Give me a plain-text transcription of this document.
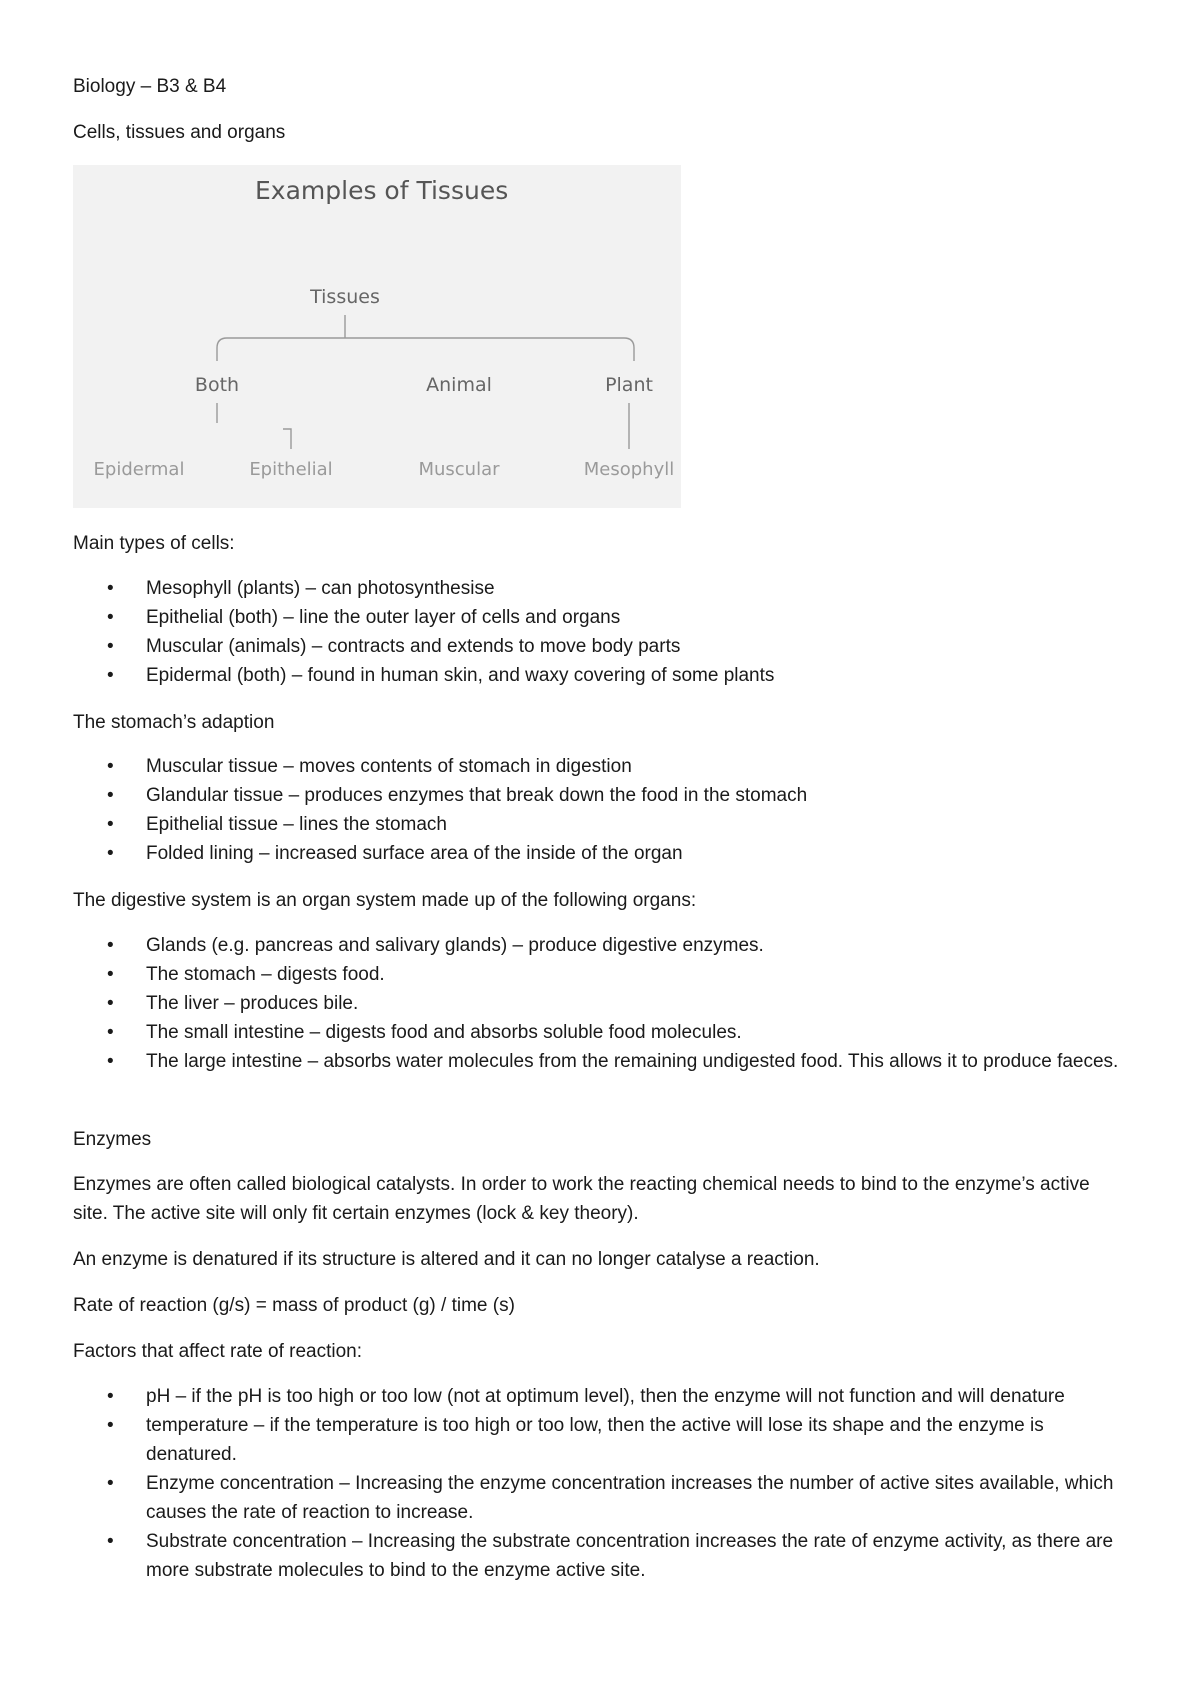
Biology – B3 & B4
Cells, tissues and organs
Examples of Tissues
Tissues
Both	Animal	Plant
Epidermal	Epithelial	Muscular	Mesophyll
Main types of cells:
• Mesophyll (plants) – can photosynthesise
• Epithelial (both) – line the outer layer of cells and organs
• Muscular (animals) – contracts and extends to move body parts
• Epidermal (both) – found in human skin, and waxy covering of some plants
The stomach’s adaption
• Muscular tissue – moves contents of stomach in digestion
• Glandular tissue – produces enzymes that break down the food in the stomach
• Epithelial tissue – lines the stomach
• Folded lining – increased surface area of the inside of the organ
The digestive system is an organ system made up of the following organs:
• Glands (e.g. pancreas and salivary glands) – produce digestive enzymes.
• The stomach – digests food.
• The liver – produces bile.
• The small intestine – digests food and absorbs soluble food molecules.
• The large intestine – absorbs water molecules from the remaining undigested food. This allows it to produce faeces.
Enzymes
Enzymes are often called biological catalysts. In order to work the reacting chemical needs to bind to the enzyme’s active site. The active site will only fit certain enzymes (lock & key theory).
An enzyme is denatured if its structure is altered and it can no longer catalyse a reaction.
Rate of reaction (g/s) = mass of product (g) / time (s)
Factors that affect rate of reaction:
• pH – if the pH is too high or too low (not at optimum level), then the enzyme will not function and will denature
• temperature – if the temperature is too high or too low, then the active will lose its shape and the enzyme is denatured.
• Enzyme concentration – Increasing the enzyme concentration increases the number of active sites available, which causes the rate of reaction to increase.
• Substrate concentration – Increasing the substrate concentration increases the rate of enzyme activity, as there are more substrate molecules to bind to the enzyme active site.
